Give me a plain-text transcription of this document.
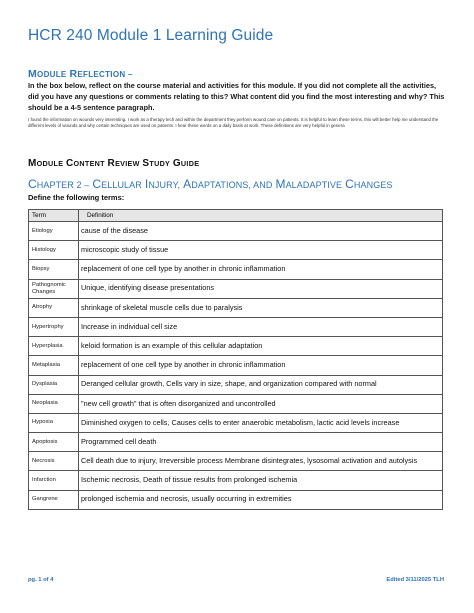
HCR 240 Module 1 Learning Guide
MODULE REFLECTION –
In the box below, reflect on the course material and activities for this module. If you did not complete all the activities, did you have any questions or comments relating to this? What content did you find the most interesting and why? This should be a 4-5 sentence paragraph.
I found the information on wounds very interesting. I work as a therapy tech and within the department they perform wound care on patients. It is helpful to learn these terms, this will better help me understand the different levels of wounds and why certain techniques are used on patients. I hear these words on a daily basis at work. These definitions are very helpful in genera
MODULE CONTENT REVIEW STUDY GUIDE
CHAPTER 2 – CELLULAR INJURY, ADAPTATIONS, AND MALADAPTIVE CHANGES
Define the following terms:
Term	Definition
Etiology	cause of the disease
Histology	microscopic study of tissue
Biopsy	replacement of one cell type by another in chronic inflammation
Pathognomic Changes	Unique, identifying disease presentations
Atrophy	shrinkage of skeletal muscle cells due to paralysis
Hypertrophy	Increase in individual cell size
Hyperplasia	keloid formation is an example of this cellular adaptation
Metaplasia	replacement of one cell type by another in chronic inflammation
Dysplasia	Deranged cellular growth, Cells vary in size, shape, and organization compared with normal
Neoplasia	"new cell growth" that is often disorganized and uncontrolled
Hypoxia	Diminished oxygen to cells, Causes cells to enter anaerobic metabolism, lactic acid levels increase
Apoptosis	Programmed cell death
Necrosis	Cell death due to injury, Irreversible process Membrane disintegrates, lysosomal activation and autolysis
Infarction	Ischemic necrosis, Death of tissue results from prolonged ischemia
Gangrene	prolonged ischemia and necrosis, usually occurring in extremities
pg. 1 of 4	Edited 3/11/2025 TLH
